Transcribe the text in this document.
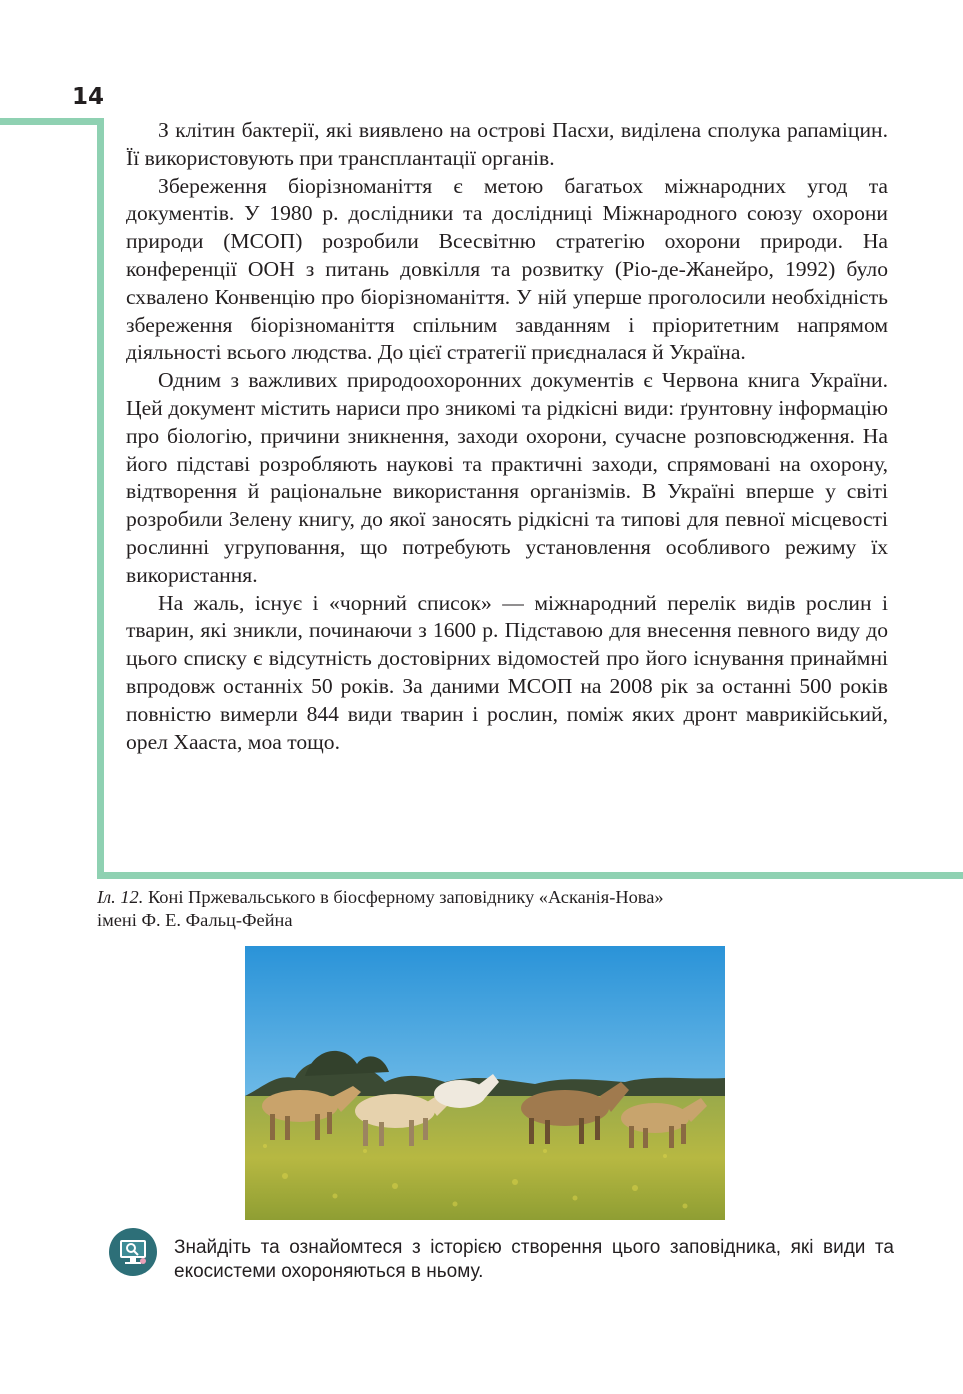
14

З клітин бактерії, які виявлено на острові Пасхи, виділена сполука рапаміцин. Її використовують при трансплантації органів.

Збереження біорізноманіття є метою багатьох міжнародних угод та документів. У 1980 р. дослідники та дослідниці Міжнародного союзу охорони природи (МСОП) розробили Всесвітню стратегію охорони природи. На конференції ООН з питань довкілля та розвитку (Ріо-де-Жанейро, 1992) було схвалено Конвенцію про біорізноманіття. У ній уперше проголосили необхідність збереження біорізноманіття спільним завданням і пріоритетним напрямом діяльності всього людства. До цієї стратегії приєдналася й Україна.

Одним з важливих природоохоронних документів є Червона книга України. Цей документ містить нариси про зникомі та рідкісні види: ґрунтовну інформацію про біологію, причини зникнення, заходи охорони, сучасне розповсюдження. На його підставі розробляють наукові та практичні заходи, спрямовані на охорону, відтворення й раціональне використання організмів. В Україні вперше у світі розробили Зелену книгу, до якої заносять рідкісні та типові для певної місцевості рослинні угруповання, що потребують установлення особливого режиму їх використання.

На жаль, існує і «чорний список» — міжнародний перелік видів рослин і тварин, які зникли, починаючи з 1600 р. Підставою для внесення певного виду до цього списку є відсутність достовірних відомостей про його існування принаймні впродовж останніх 50 років. За даними МСОП на 2008 рік за останні 500 років повністю вимерли 844 види тварин і рослин, поміж яких дронт маврикійський, орел Хааста, моа тощо.

Іл. 12. Коні Пржевальського в біосферному заповіднику «Асканія-Нова»
імені Ф. Е. Фальц-Фейна
Знайдіть та ознайомтеся з історією створення цього заповідника, які види та екосистеми охороняються в ньому.
